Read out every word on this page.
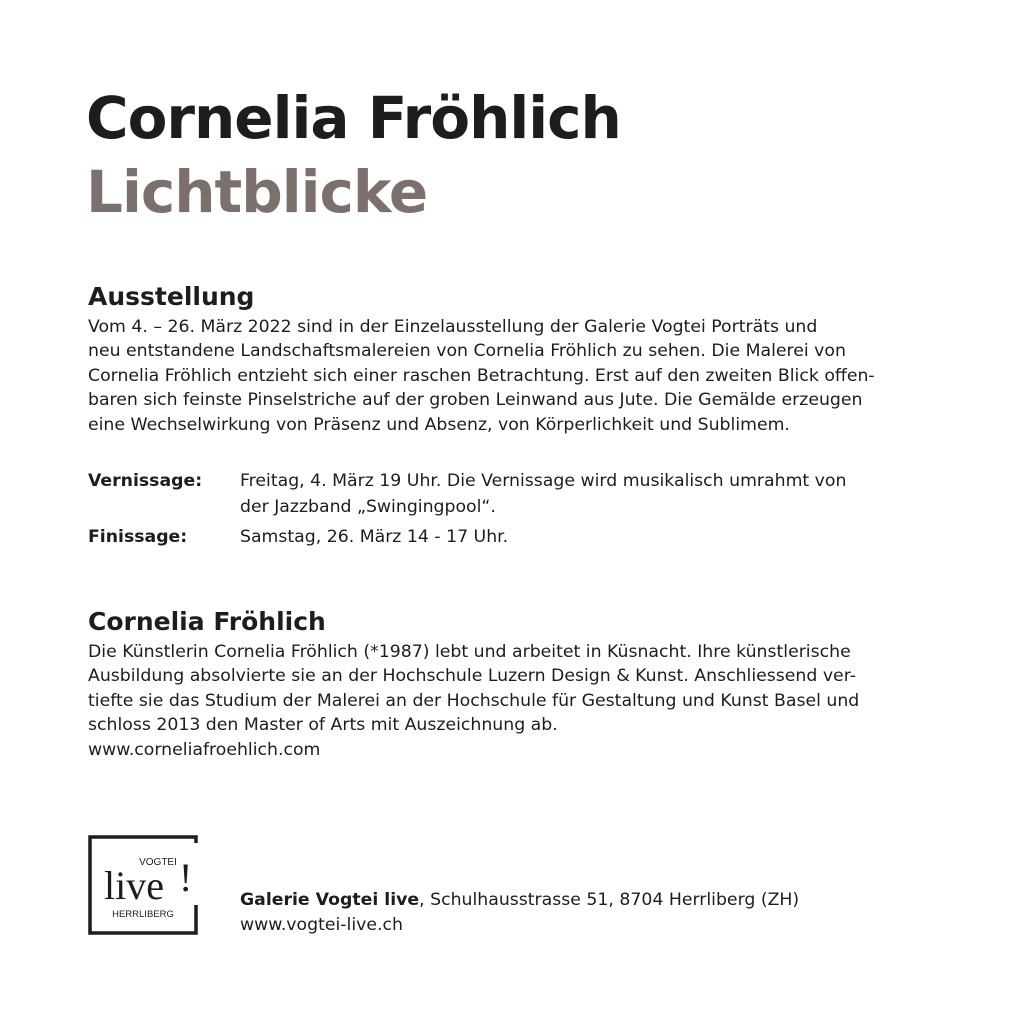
Cornelia Fröhlich
Lichtblicke
Ausstellung
Vom 4. – 26. März 2022 sind in der Einzelausstellung der Galerie Vogtei Porträts und
neu entstandene Landschaftsmalereien von Cornelia Fröhlich zu sehen. Die Malerei von
Cornelia Fröhlich entzieht sich einer raschen Betrachtung. Erst auf den zweiten Blick offen-
baren sich feinste Pinselstriche auf der groben Leinwand aus Jute. Die Gemälde erzeugen
eine Wechselwirkung von Präsenz und Absenz, von Körperlichkeit und Sublimem.
Vernissage: Freitag, 4. März 19 Uhr. Die Vernissage wird musikalisch umrahmt von
der Jazzband „Swingingpool“.
Finissage:	Samstag, 26. März 14 - 17 Uhr.
Cornelia Fröhlich
Die Künstlerin Cornelia Fröhlich (*1987) lebt und arbeitet in Küsnacht. Ihre künstlerische
Ausbildung absolvierte sie an der Hochschule Luzern Design & Kunst. Anschliessend ver-
tiefte sie das Studium der Malerei an der Hochschule für Gestaltung und Kunst Basel und
schloss 2013 den Master of Arts mit Auszeichnung ab.
www.corneliafroehlich.com
VOGTEI
live !
HERRLIBERG
Galerie Vogtei live, Schulhausstrasse 51, 8704 Herrliberg (ZH)
www.vogtei-live.ch
